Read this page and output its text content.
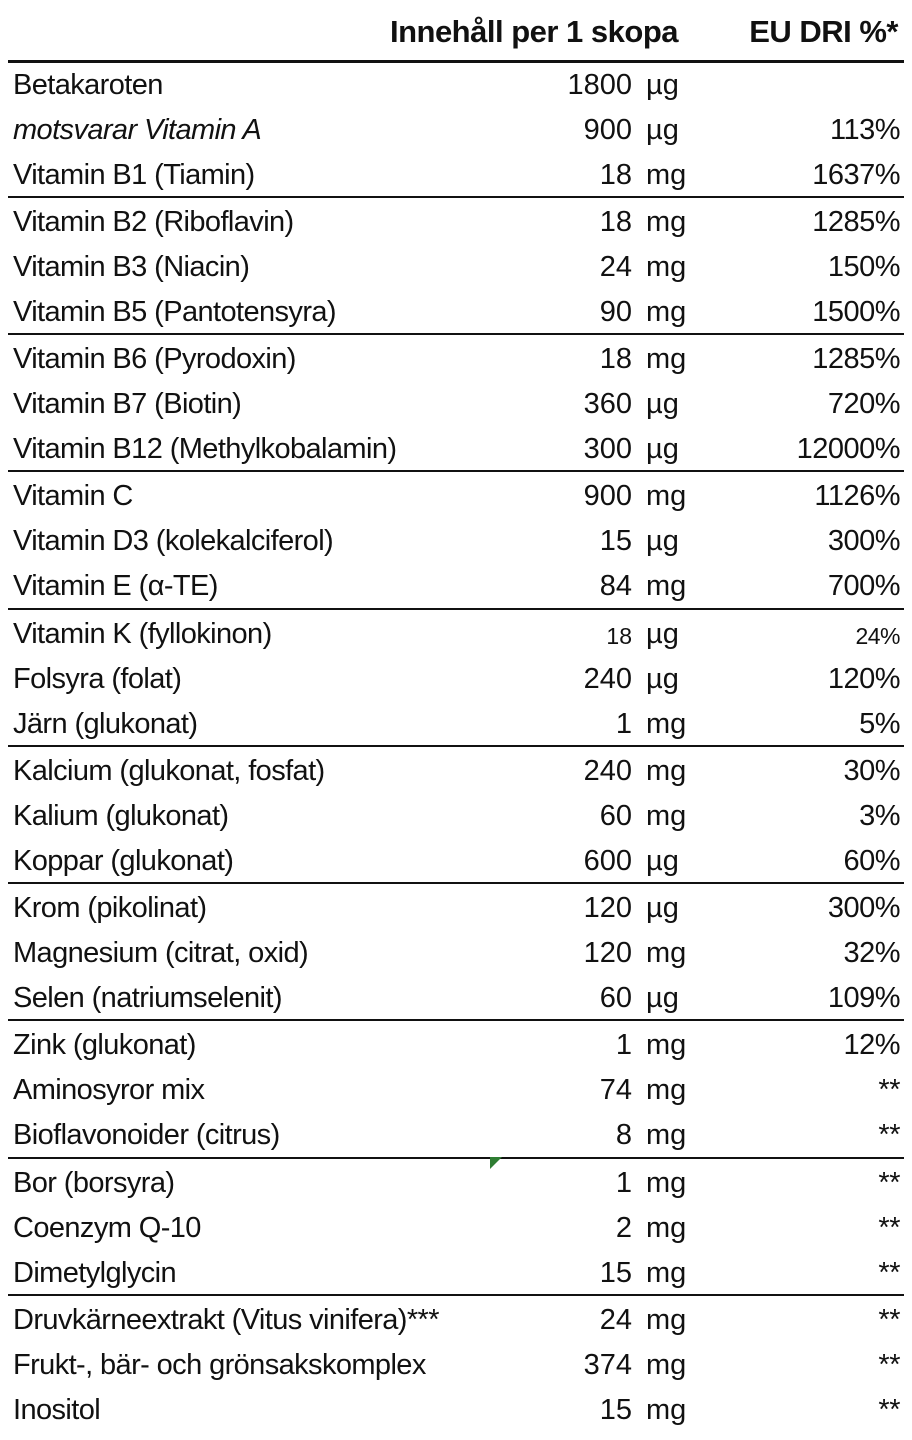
Innehåll per 1 skopa EU DRI %*
Betakaroten	1800 µg
motsvarar Vitamin A	900 µg	113%
Vitamin B1 (Tiamin)	18 mg	1637%
Vitamin B2 (Riboflavin)	18 mg	1285%
Vitamin B3 (Niacin)	24 mg	150%
Vitamin B5 (Pantotensyra)	90 mg	1500%
Vitamin B6 (Pyrodoxin)	18 mg	1285%
Vitamin B7 (Biotin)	360 µg	720%
Vitamin B12 (Methylkobalamin)	300 µg	12000%
Vitamin C	900 mg	1126%
Vitamin D3 (kolekalciferol)	15 µg	300%
Vitamin E (α-TE)	84 mg	700%
Vitamin K (fyllokinon)	18 µg	24%
Folsyra (folat)	240 µg	120%
Järn (glukonat)	1 mg	5%
Kalcium (glukonat, fosfat)	240 mg	30%
Kalium (glukonat)	60 mg	3%
Koppar (glukonat)	600 µg	60%
Krom (pikolinat)	120 µg	300%
Magnesium (citrat, oxid)	120 mg	32%
Selen (natriumselenit)	60 µg	109%
Zink (glukonat)	1 mg	12%
Aminosyror mix	74 mg	**
Bioflavonoider (citrus)	8 mg	**
Bor (borsyra)	1 mg	**
Coenzym Q-10	2 mg	**
Dimetylglycin	15 mg	**
Druvkärneextrakt (Vitus vinifera)***	24 mg	**
Frukt-, bär- och grönsakskomplex	374 mg	**
Inositol	15 mg	**
